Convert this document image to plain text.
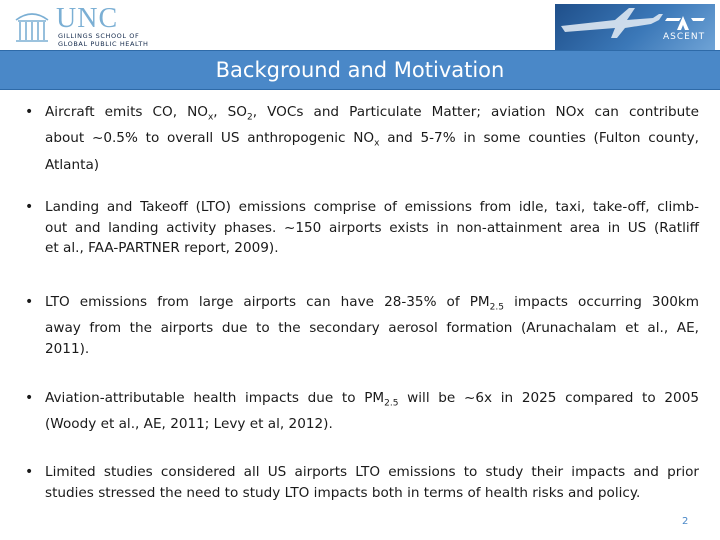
UNC
GILLINGS SCHOOL OF
GLOBAL PUBLIC HEALTH
ASCENT
Background and Motivation
• Aircraft emits CO, $NO_x$, $SO_2$, VOCs and Particulate Matter; aviation NOx can contribute
about ~0.5% to overall US anthropogenic $NO_x$ and 5-7% in some counties (Fulton county,
Atlanta)
• Landing and Takeoff (LTO) emissions comprise of emissions from idle, taxi, take-off, climb-
out and landing activity phases. ~150 airports exists in non-attainment area in US (Ratliff
et al., FAA-PARTNER report, 2009).
• LTO emissions from large airports can have 28-35% of $PM_{2.5}$ impacts occurring 300km
away from the airports due to the secondary aerosol formation (Arunachalam et al., AE,
2011).
• Aviation-attributable health impacts due to $PM_{2.5}$ will be ~6x in 2025 compared to 2005
(Woody et al., AE, 2011; Levy et al, 2012).
• Limited studies considered all US airports LTO emissions to study their impacts and prior
studies stressed the need to study LTO impacts both in terms of health risks and policy.
2
